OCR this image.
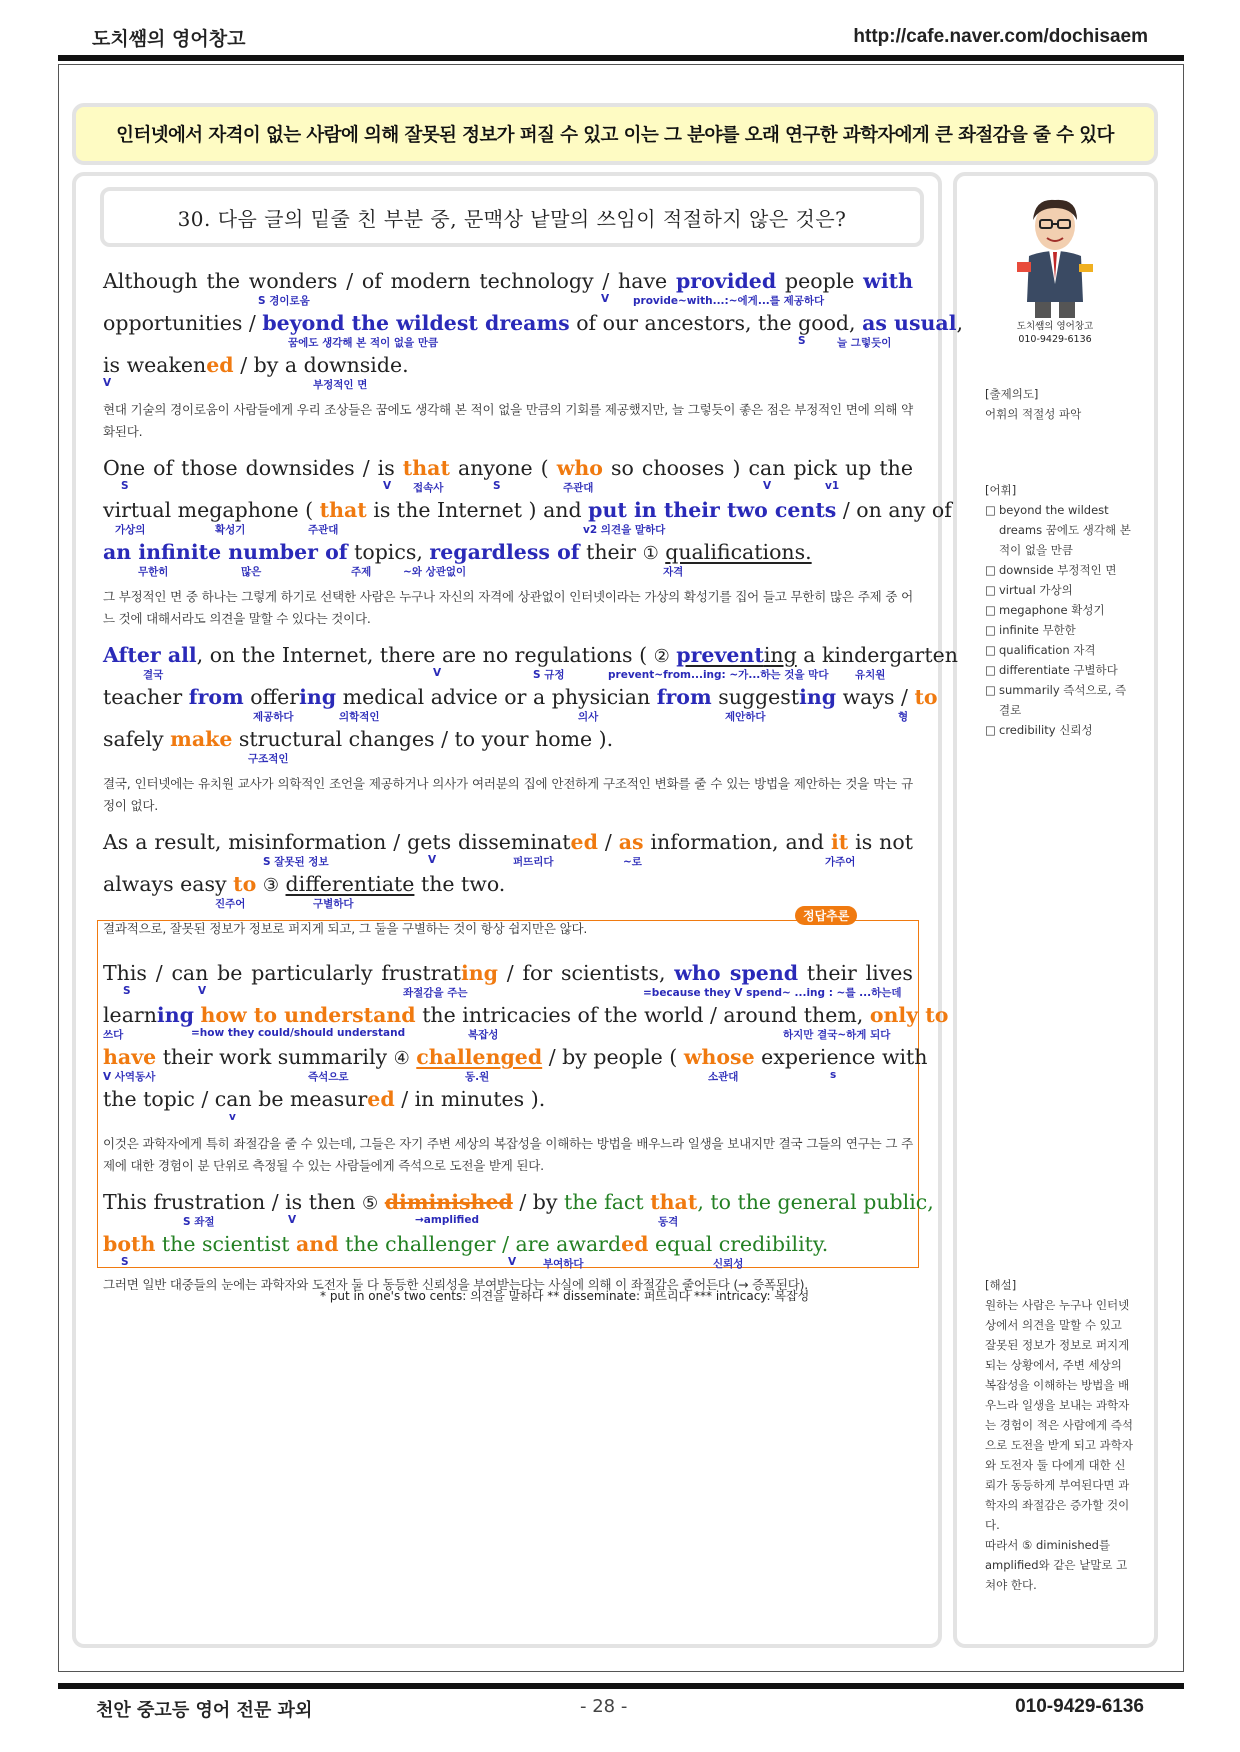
도치쌤의 영어창고	http://cafe.naver.com/dochisaem
인터넷에서 자격이 없는 사람에 의해 잘못된 정보가 퍼질 수 있고 이는 그 분야를 오래 연구한 과학자에게 큰 좌절감을 줄 수 있다
30. 다음 글의 밑줄 친 부분 중, 문맥상 낱말의 쓰임이 적절하지 않은 것은?
정답추론
Although the wonders / of modern technology / have provided people with
S 경이로움	V provide~with...:~에게...를 제공하다
opportunities / beyond the wildest dreams of our ancestors, the good, as usual,
꿈에도 생각해 본 적이 없을 만큼	S	늘 그렇듯이
is weakened / by a downside.
V	부정적인 면
현대 기술의 경이로움이 사람들에게 우리 조상들은 꿈에도 생각해 본 적이 없을 만큼의 기회를 제공했지만, 늘 그렇듯이 좋은 점은 부정적인 면에 의해 약화된다.
One of those downsides / is that anyone ( who so chooses ) can pick up the
S	V 접속사	S	주관대	V	v1
virtual megaphone ( that is the Internet ) and put in their two cents / on any of
가상의	확성기	주관대	v2 의견을 말하다
an infinite number of topics, regardless of their ① qualifications.
무한히	많은	주제	~와 상관없이	자격
그 부정적인 면 중 하나는 그렇게 하기로 선택한 사람은 누구나 자신의 자격에 상관없이 인터넷이라는 가상의 확성기를 집어 들고 무한히 많은 주제 중 어느 것에 대해서라도 의견을 말할 수 있다는 것이다.
After all, on the Internet, there are no regulations ( ② preventing a kindergarten
결국	V	S 규정	prevent~from...ing: ~가...하는 것을 막다	유치원
teacher from offering medical advice or a physician from suggesting ways / to
제공하다	의학적인	의사	제안하다	형
safely make structural changes / to your home ).
구조적인
결국, 인터넷에는 유치원 교사가 의학적인 조언을 제공하거나 의사가 여러분의 집에 안전하게 구조적인 변화를 줄 수 있는 방법을 제안하는 것을 막는 규정이 없다.
As a result, misinformation / gets disseminated / as information, and it is not
S 잘못된 정보	V	퍼뜨리다	~로	가주어
always easy to ③ differentiate the two.
진주어	구별하다
결과적으로, 잘못된 정보가 정보로 퍼지게 되고, 그 둘을 구별하는 것이 항상 쉽지만은 않다.
This / can be particularly frustrating / for scientists, who spend their lives
S	V	좌절감을 주는	=because they V spend~ ...ing : ~를 ...하는데
learning how to understand the intricacies of the world / around them, only to
쓰다	=how they could/should understand	복잡성	하지만 결국~하게 되다
have their work summarily ④ challenged / by people ( whose experience with
V 사역동사	즉석으로	동.원	소관대	s
the topic / can be measured / in minutes ).
v
이것은 과학자에게 특히 좌절감을 줄 수 있는데, 그들은 자기 주변 세상의 복잡성을 이해하는 방법을 배우느라 일생을 보내지만 결국 그들의 연구는 그 주제에 대한 경험이 분 단위로 측정될 수 있는 사람들에게 즉석으로 도전을 받게 된다.
This frustration / is then ⑤ diminished / by the fact that, to the general public,
S 좌절	V	→amplified	동격
both the scientist and the challenger / are awarded equal credibility.
S	V	부여하다	신뢰성
그러면 일반 대중들의 눈에는 과학자와 도전자 둘 다 동등한 신뢰성을 부여받는다는 사실에 의해 이 좌절감은 줄어든다 (→ 증폭된다).
* put in one's two cents: 의견을 말하다 ** disseminate: 퍼뜨리다 *** intricacy: 복잡성
도치쌤의 영어창고
010-9429-6136
[출제의도]
어휘의 적절성 파악
[어휘]
□ beyond the wildest dreams 꿈에도 생각해 본 적이 없을 만큼
□ downside 부정적인 면
□ virtual 가상의
□ megaphone 확성기
□ infinite 무한한
□ qualification 자격
□ differentiate 구별하다
□ summarily 즉석으로, 즉결로
□ credibility 신뢰성
[해설]
원하는 사람은 누구나 인터넷상에서 의견을 말할 수 있고 잘못된 정보가 정보로 퍼지게 되는 상황에서, 주변 세상의 복잡성을 이해하는 방법을 배우느라 일생을 보내는 과학자는 경험이 적은 사람에게 즉석으로 도전을 받게 되고 과학자와 도전자 둘 다에게 대한 신뢰가 동등하게 부여된다면 과학자의 좌절감은 증가할 것이다.
따라서 ⑤ diminished를 amplified와 같은 낱말로 고쳐야 한다.
천안 중고등 영어 전문 과외	- 28 -	010-9429-6136
